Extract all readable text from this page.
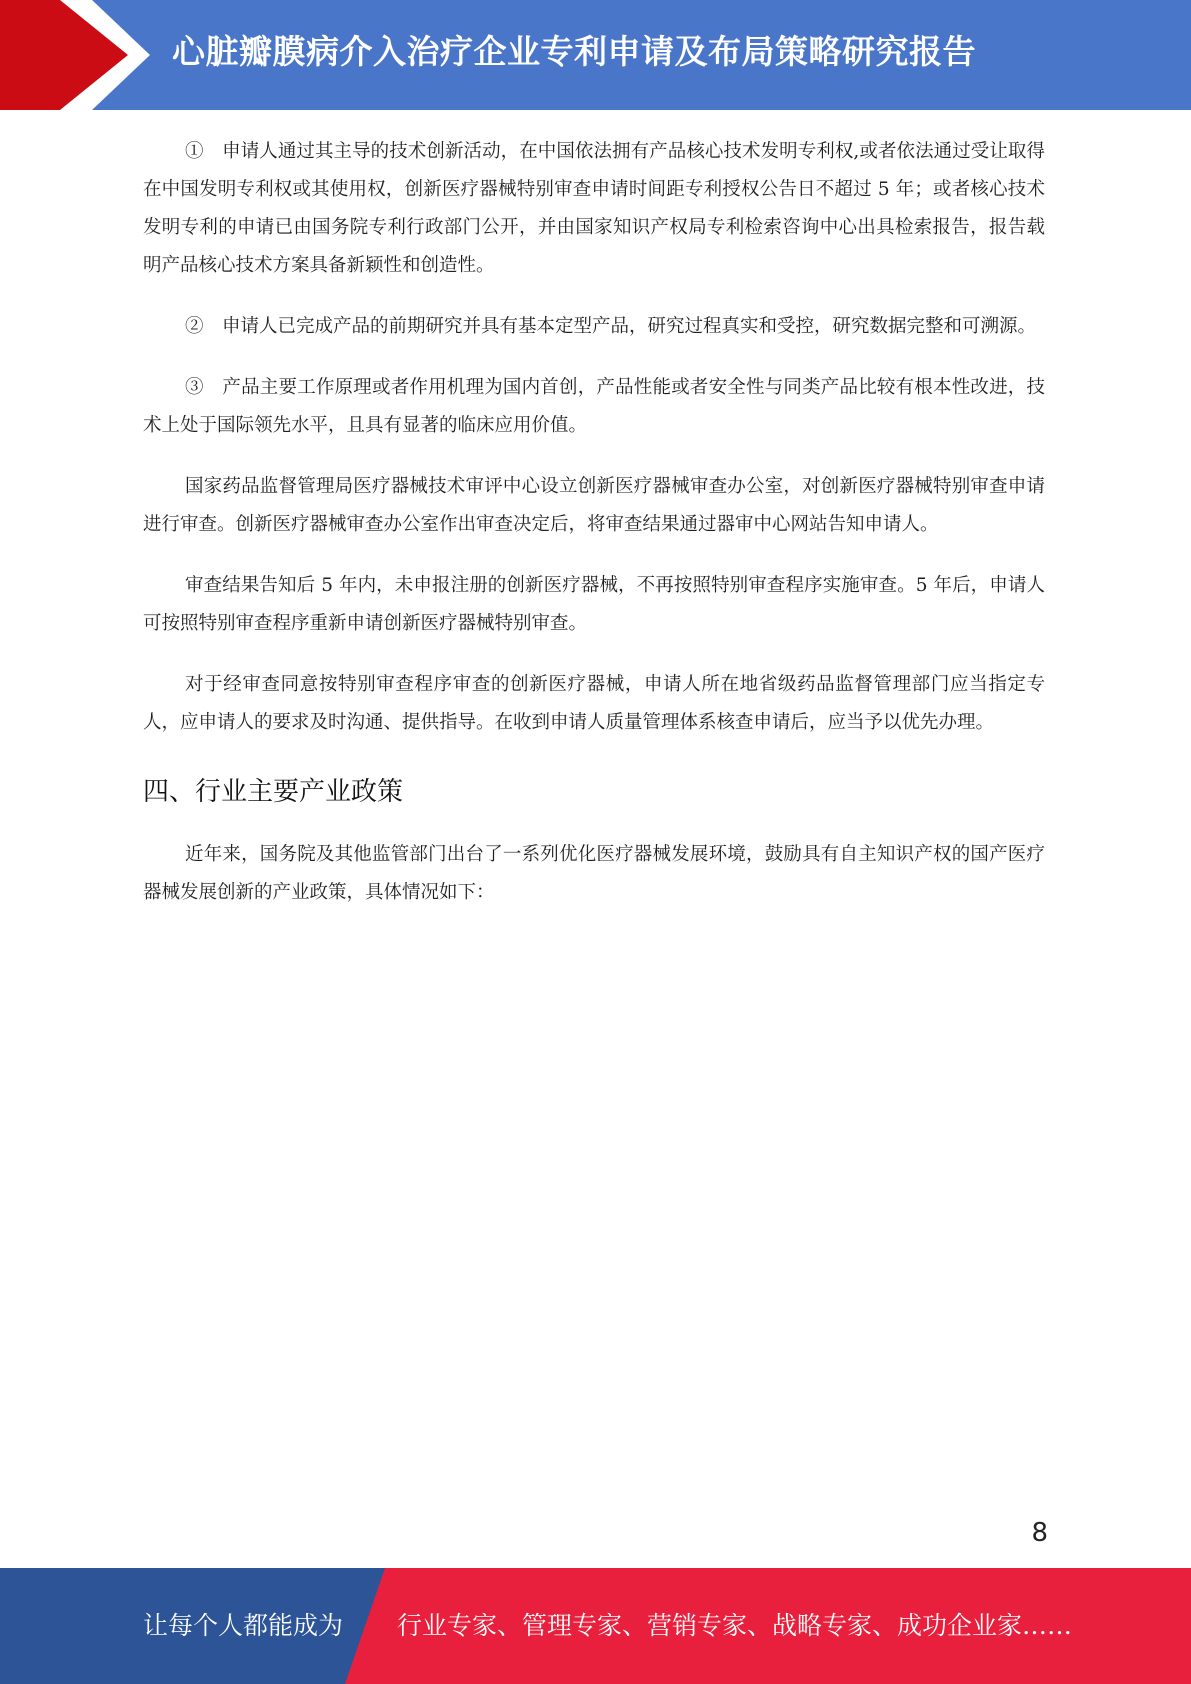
心脏瓣膜病介入治疗企业专利申请及布局策略研究报告

①　申请人通过其主导的技术创新活动，在中国依法拥有产品核心技术发明专利权,或者依法通过受让取得在中国发明专利权或其使用权，创新医疗器械特别审查申请时间距专利授权公告日不超过 5 年；或者核心技术发明专利的申请已由国务院专利行政部门公开，并由国家知识产权局专利检索咨询中心出具检索报告，报告载明产品核心技术方案具备新颖性和创造性。

②　申请人已完成产品的前期研究并具有基本定型产品，研究过程真实和受控，研究数据完整和可溯源。

③　产品主要工作原理或者作用机理为国内首创，产品性能或者安全性与同类产品比较有根本性改进，技术上处于国际领先水平，且具有显著的临床应用价值。

国家药品监督管理局医疗器械技术审评中心设立创新医疗器械审查办公室，对创新医疗器械特别审查申请进行审查。创新医疗器械审查办公室作出审查决定后，将审查结果通过器审中心网站告知申请人。

审查结果告知后 5 年内，未申报注册的创新医疗器械，不再按照特别审查程序实施审查。5 年后，申请人可按照特别审查程序重新申请创新医疗器械特别审查。

对于经审查同意按特别审查程序审查的创新医疗器械，申请人所在地省级药品监督管理部门应当指定专人，应申请人的要求及时沟通、提供指导。在收到申请人质量管理体系核查申请后，应当予以优先办理。

四、行业主要产业政策

近年来，国务院及其他监管部门出台了一系列优化医疗器械发展环境，鼓励具有自主知识产权的国产医疗器械发展创新的产业政策，具体情况如下：

8
让每个人都能成为 行业专家、管理专家、营销专家、战略专家、成功企业家……
